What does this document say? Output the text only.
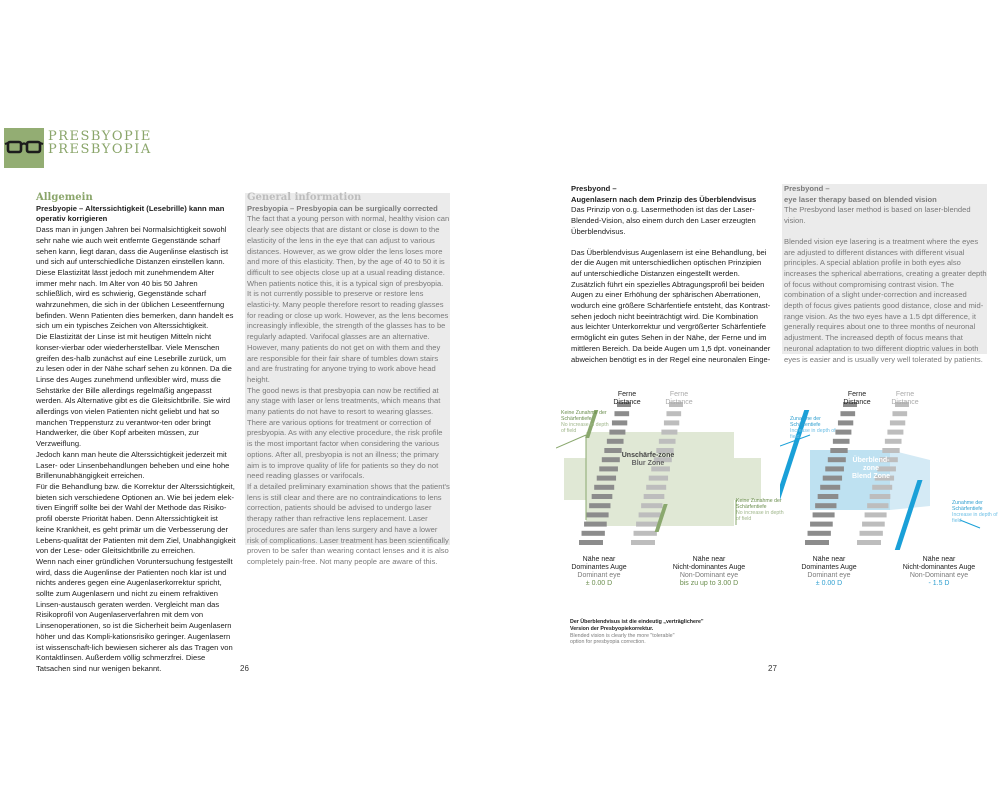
PRESBYOPIE
PRESBYOPIA
Allgemein

Presbyopie – Alterssichtigkeit (Lesebrille) kann man operativ korrigieren

Dass man in jungen Jahren bei Normalsichtigkeit sowohl sehr nahe wie auch weit entfernte Gegenstände scharf sehen kann, liegt daran, dass die Augenlinse elastisch ist und sich auf unterschiedliche Distanzen einstellen kann. Diese Elastizität lässt jedoch mit zunehmendem Alter immer mehr nach. Im Alter von 40 bis 50 Jahren schließlich, wird es schwierig, Gegenstände scharf wahrzunehmen, die sich in der üblichen Leseentfernung befinden. Wenn Patienten dies bemerken, dann handelt es sich um ein typisches Zeichen von Alterssichtigkeit.

Die Elastizität der Linse ist mit heutigen Mitteln nicht konser-vierbar oder wiederherstellbar. Viele Menschen greifen des-halb zunächst auf eine Lesebrille zurück, um zu lesen oder in der Nähe scharf sehen zu können. Da die Linse des Auges zunehmend unflexibler wird, muss die Sehstärke der Bille allerdings regelmäßig angepasst werden. Als Alternative gibt es die Gleitsichtbrille. Sie wird allerdings von vielen Patienten nicht geliebt und hat so manchen Treppensturz zu verantwor-ten oder bringt Handwerker, die über Kopf arbeiten müssen, zur Verzweiflung.

Jedoch kann man heute die Alterssichtigkeit jederzeit mit Laser- oder Linsenbehandlungen beheben und eine hohe Brillenunabhängigkeit erreichen.

Für die Behandlung bzw. die Korrektur der Alterssichtigkeit, bieten sich verschiedene Optionen an. Wie bei jedem elek-tiven Eingriff sollte bei der Wahl der Methode das Risiko-profil oberste Priorität haben. Denn Alterssichtigkeit ist keine Krankheit, es geht primär um die Verbesserung der Lebens-qualität der Patienten mit dem Ziel, Unabhängigkeit von der Lese- oder Gleitsichtbrille zu erreichen.

Wenn nach einer gründlichen Voruntersuchung festgestellt wird, dass die Augenlinse der Patienten noch klar ist und nichts anderes gegen eine Augenlaserkorrektur spricht, sollte zum Augenlasern und nicht zu einem refraktiven Linsen-austausch geraten werden. Vergleicht man das Risikoprofil von Augenlaserverfahren mit dem von Linsenoperationen, so ist die Sicherheit beim Augenlasern höher und das Kompli-kationsrisiko geringer. Augenlasern ist wissenschaft-lich bewiesen sicherer als das Tragen von Kontaktlinsen. Außerdem völlig schmerzfrei. Diese Tatsachen sind nur wenigen bekannt.

General information

Presbyopia – Presbyopia can be surgically corrected

The fact that a young person with normal, healthy vision can clearly see objects that are distant or close is down to the elasticity of the lens in the eye that can adjust to various distances. However, as we grow older the lens loses more and more of this elasticity. Then, by the age of 40 to 50 it is difficult to see objects close up at a usual reading distance. When patients notice this, it is a typical sign of presbyopia.

It is not currently possible to preserve or restore lens elastici-ty. Many people therefore resort to reading glasses for reading or close up work. However, as the lens becomes increasingly inflexible, the strength of the glasses has to be regularly adapted. Varifocal glasses are an alternative. However, many patients do not get on with them and they are responsible for their fair share of tumbles down stairs and are frustrating for anyone trying to work above head height.

The good news is that presbyopia can now be rectified at any stage with laser or lens treatments, which means that many patients do not have to resort to wearing glasses.

There are various options for treatment or correction of presbyopia. As with any elective procedure, the risk profile is the most important factor when considering the various options. After all, presbyopia is not an illness; the primary aim is to improve quality of life for patients so they do not need reading glasses or varifocals.

If a detailed preliminary examination shows that the patient's lens is still clear and there are no contraindications to lens correction, patients should be advised to undergo laser therapy rather than refractive lens replacement. Laser procedures are safer than lens surgery and have a lower risk of complications. Laser treatment has been scientifically proven to be safer than wearing contact lenses and it is also completely pain-free. Not many people are aware of this.

26

Presbyond –

Augenlasern nach dem Prinzip des Überblendvisus

Das Prinzip von o.g. Lasermethoden ist das der Laser-Blended-Vision, also einem durch den Laser erzeugten Überblendvisus.

Das Überblendvisus Augenlasern ist eine Behandlung, bei der die Augen mit unterschiedlichen optischen Prinzipien auf unterschiedliche Distanzen eingestellt werden.

Zusätzlich führt ein spezielles Abtragungsprofil bei beiden Augen zu einer Erhöhung der sphärischen Aberrationen, wodurch eine größere Schärfentiefe entsteht, das Kontrast-sehen jedoch nicht beeinträchtigt wird. Die Kombination aus leichter Unterkorrektur und vergrößerter Schärfentiefe ermöglicht ein gutes Sehen in der Nähe, der Ferne und im mittleren Bereich. Da beide Augen um 1,5 dpt. voneinander abweichen benötigt es in der Regel eine neuronalen Einge-

Presbyond –

eye laser therapy based on blended vision

The Presbyond laser method is based on laser-blended vision.

Blended vision eye lasering is a treatment where the eyes are adjusted to different distances with different visual principles. A special ablation profile in both eyes also increases the spherical aberrations, creating a greater depth of focus without compromising contrast vision. The combination of a slight under-correction and increased depth of focus gives patients good distance, close and mid-range vision. As the two eyes have a 1.5 dpt difference, it generally requires about one to three months of neuronal adjustment. The increased depth of focus means that neuronal adaptation to two different dioptric values in both eyes is easier and is usually very well tolerated by patients.

Ferne
Distance
Ferne
Distance
Keine Zunahme der Schärfentiefe
No increase in depth of field
Unschärfe-zone
Blur Zone
Keine Zunahme der Schärfentiefe
No increase in depth of field
Nähe near
Dominantes Auge
Dominant eye
± 0.00 D
Nähe near
Nicht-dominantes Auge
Non-Dominant eye
bis zu up to 3.00 D
Ferne
Distance
Ferne
Distance
Zunahme der Schärfentiefe
Increase in depth of field
Überblend-zone
Blend Zone
Zunahme der Schärfentiefe
Increase in depth of field
Nähe near
Dominantes Auge
Dominant eye
± 0.00 D
Nähe near
Nicht-dominantes Auge
Non-Dominant eye
- 1.5 D
Der Überblendvisus ist die eindeutig „verträglichere"
Version der Presbyopiekorrektur.
Blended vision is clearly the more "tolerable"
option for presbyopia correction.
27
